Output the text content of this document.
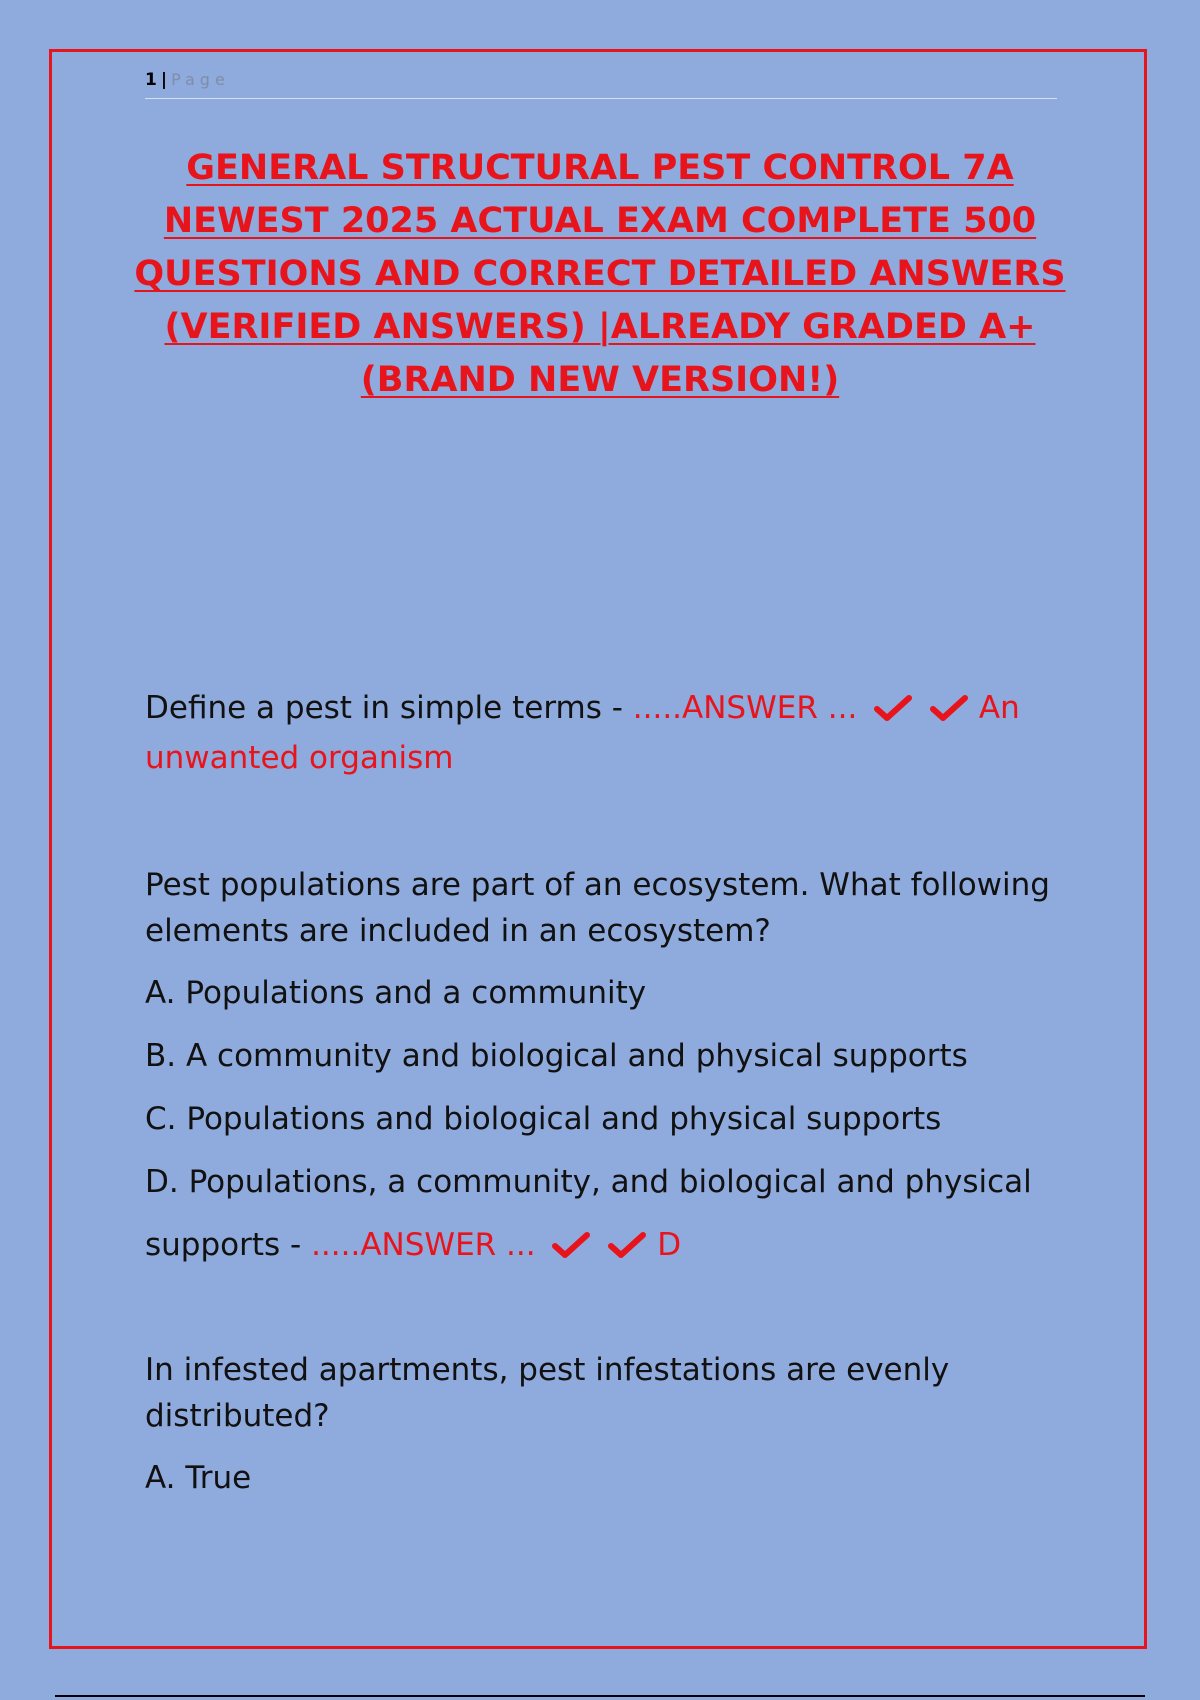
1 | Page
GENERAL STRUCTURAL PEST CONTROL 7A NEWEST 2025 ACTUAL EXAM COMPLETE 500 QUESTIONS AND CORRECT DETAILED ANSWERS (VERIFIED ANSWERS) |ALREADY GRADED A+ (BRAND NEW VERSION!)
Define a pest in simple terms - .....ANSWER ...
	An unwanted organism
Pest populations are part of an ecosystem. What following elements are included in an ecosystem?
A. Populations and a community
B. A community and biological and physical supports
C. Populations and biological and physical supports
D. Populations, a community, and biological and physical supports - .....ANSWER ...
	D
In infested apartments, pest infestations are evenly distributed?
A. True
